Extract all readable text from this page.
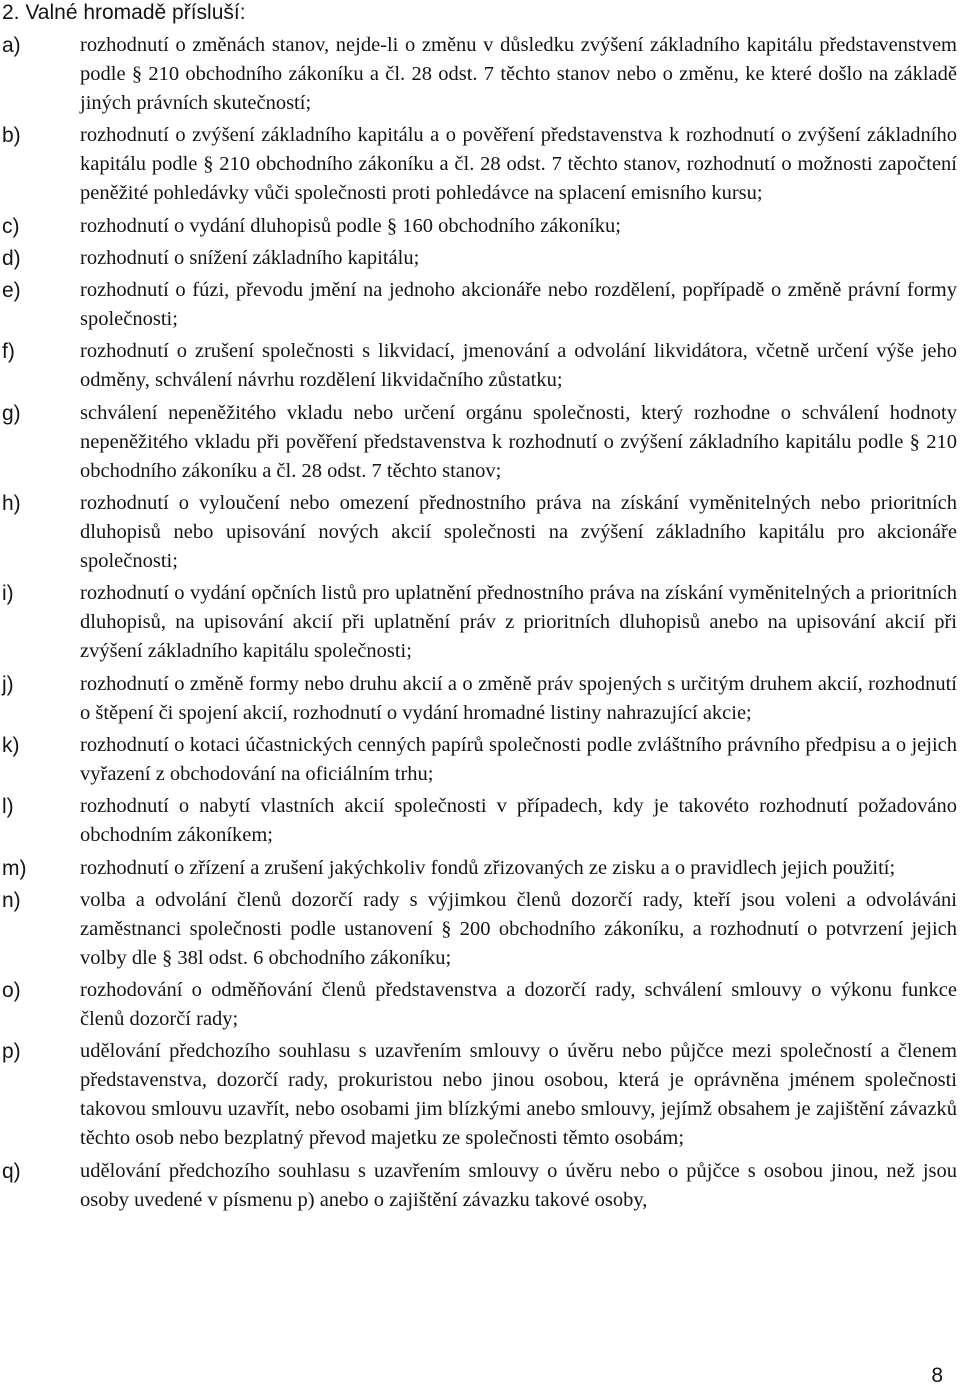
2. Valné hromadě přísluší:
a)	rozhodnutí o změnách stanov, nejde-li o změnu v důsledku zvýšení základního kapitálu představenstvem podle § 210 obchodního zákoníku a čl. 28 odst. 7 těchto stanov nebo o změnu, ke které došlo na základě jiných právních skutečností;
b)	rozhodnutí o zvýšení základního kapitálu a o pověření představenstva k rozhodnutí o zvýšení základního kapitálu podle § 210 obchodního zákoníku a čl. 28 odst. 7 těchto stanov, rozhodnutí o možnosti započtení peněžité pohledávky vůči společnosti proti pohledávce na splacení emisního kursu;
c)	rozhodnutí o vydání dluhopisů podle § 160 obchodního zákoníku;
d)	rozhodnutí o snížení základního kapitálu;
e)	rozhodnutí o fúzi, převodu jmění na jednoho akcionáře nebo rozdělení, popřípadě o změně právní formy společnosti;
f)	rozhodnutí o zrušení společnosti s likvidací, jmenování a odvolání likvidátora, včetně určení výše jeho odměny, schválení návrhu rozdělení likvidačního zůstatku;
g)	schválení nepeněžitého vkladu nebo určení orgánu společnosti, který rozhodne o schválení hodnoty nepeněžitého vkladu při pověření představenstva k rozhodnutí o zvýšení základního kapitálu podle § 210 obchodního zákoníku a čl. 28 odst. 7 těchto stanov;
h)	rozhodnutí o vyloučení nebo omezení přednostního práva na získání vyměnitelných nebo prioritních dluhopisů nebo upisování nových akcií společnosti na zvýšení základního kapitálu pro akcionáře společnosti;
i)	rozhodnutí o vydání opčních listů pro uplatnění přednostního práva na získání vyměnitelných a prioritních dluhopisů, na upisování akcií při uplatnění práv z prioritních dluhopisů anebo na upisování akcií při zvýšení základního kapitálu společnosti;
j)	rozhodnutí o změně formy nebo druhu akcií a o změně práv spojených s určitým druhem akcií, rozhodnutí o štěpení či spojení akcií, rozhodnutí o vydání hromadné listiny nahrazující akcie;
k)	rozhodnutí o kotaci účastnických cenných papírů společnosti podle zvláštního právního předpisu a o jejich vyřazení z obchodování na oficiálním trhu;
l)	rozhodnutí o nabytí vlastních akcií společnosti v případech, kdy je takovéto rozhodnutí požadováno obchodním zákoníkem;
m)	rozhodnutí o zřízení a zrušení jakýchkoliv fondů zřizovaných ze zisku a o pravidlech jejich použití;
n)	volba a odvolání členů dozorčí rady s výjimkou členů dozorčí rady, kteří jsou voleni a odvoláváni zaměstnanci společnosti podle ustanovení § 200 obchodního zákoníku, a rozhodnutí o potvrzení jejich volby dle § 38l odst. 6 obchodního zákoníku;
o)	rozhodování o odměňování členů představenstva a dozorčí rady, schválení smlouvy o výkonu funkce členů dozorčí rady;
p)	udělování předchozího souhlasu s uzavřením smlouvy o úvěru nebo půjčce mezi společností a členem představenstva, dozorčí rady, prokuristou nebo jinou osobou, která je oprávněna jménem společnosti takovou smlouvu uzavřít, nebo osobami jim blízkými anebo smlouvy, jejímž obsahem je zajištění závazků těchto osob nebo bezplatný převod majetku ze společnosti těmto osobám;
q)	udělování předchozího souhlasu s uzavřením smlouvy o úvěru nebo o půjčce s osobou jinou, než jsou osoby uvedené v písmenu p) anebo o zajištění závazku takové osoby,
8
